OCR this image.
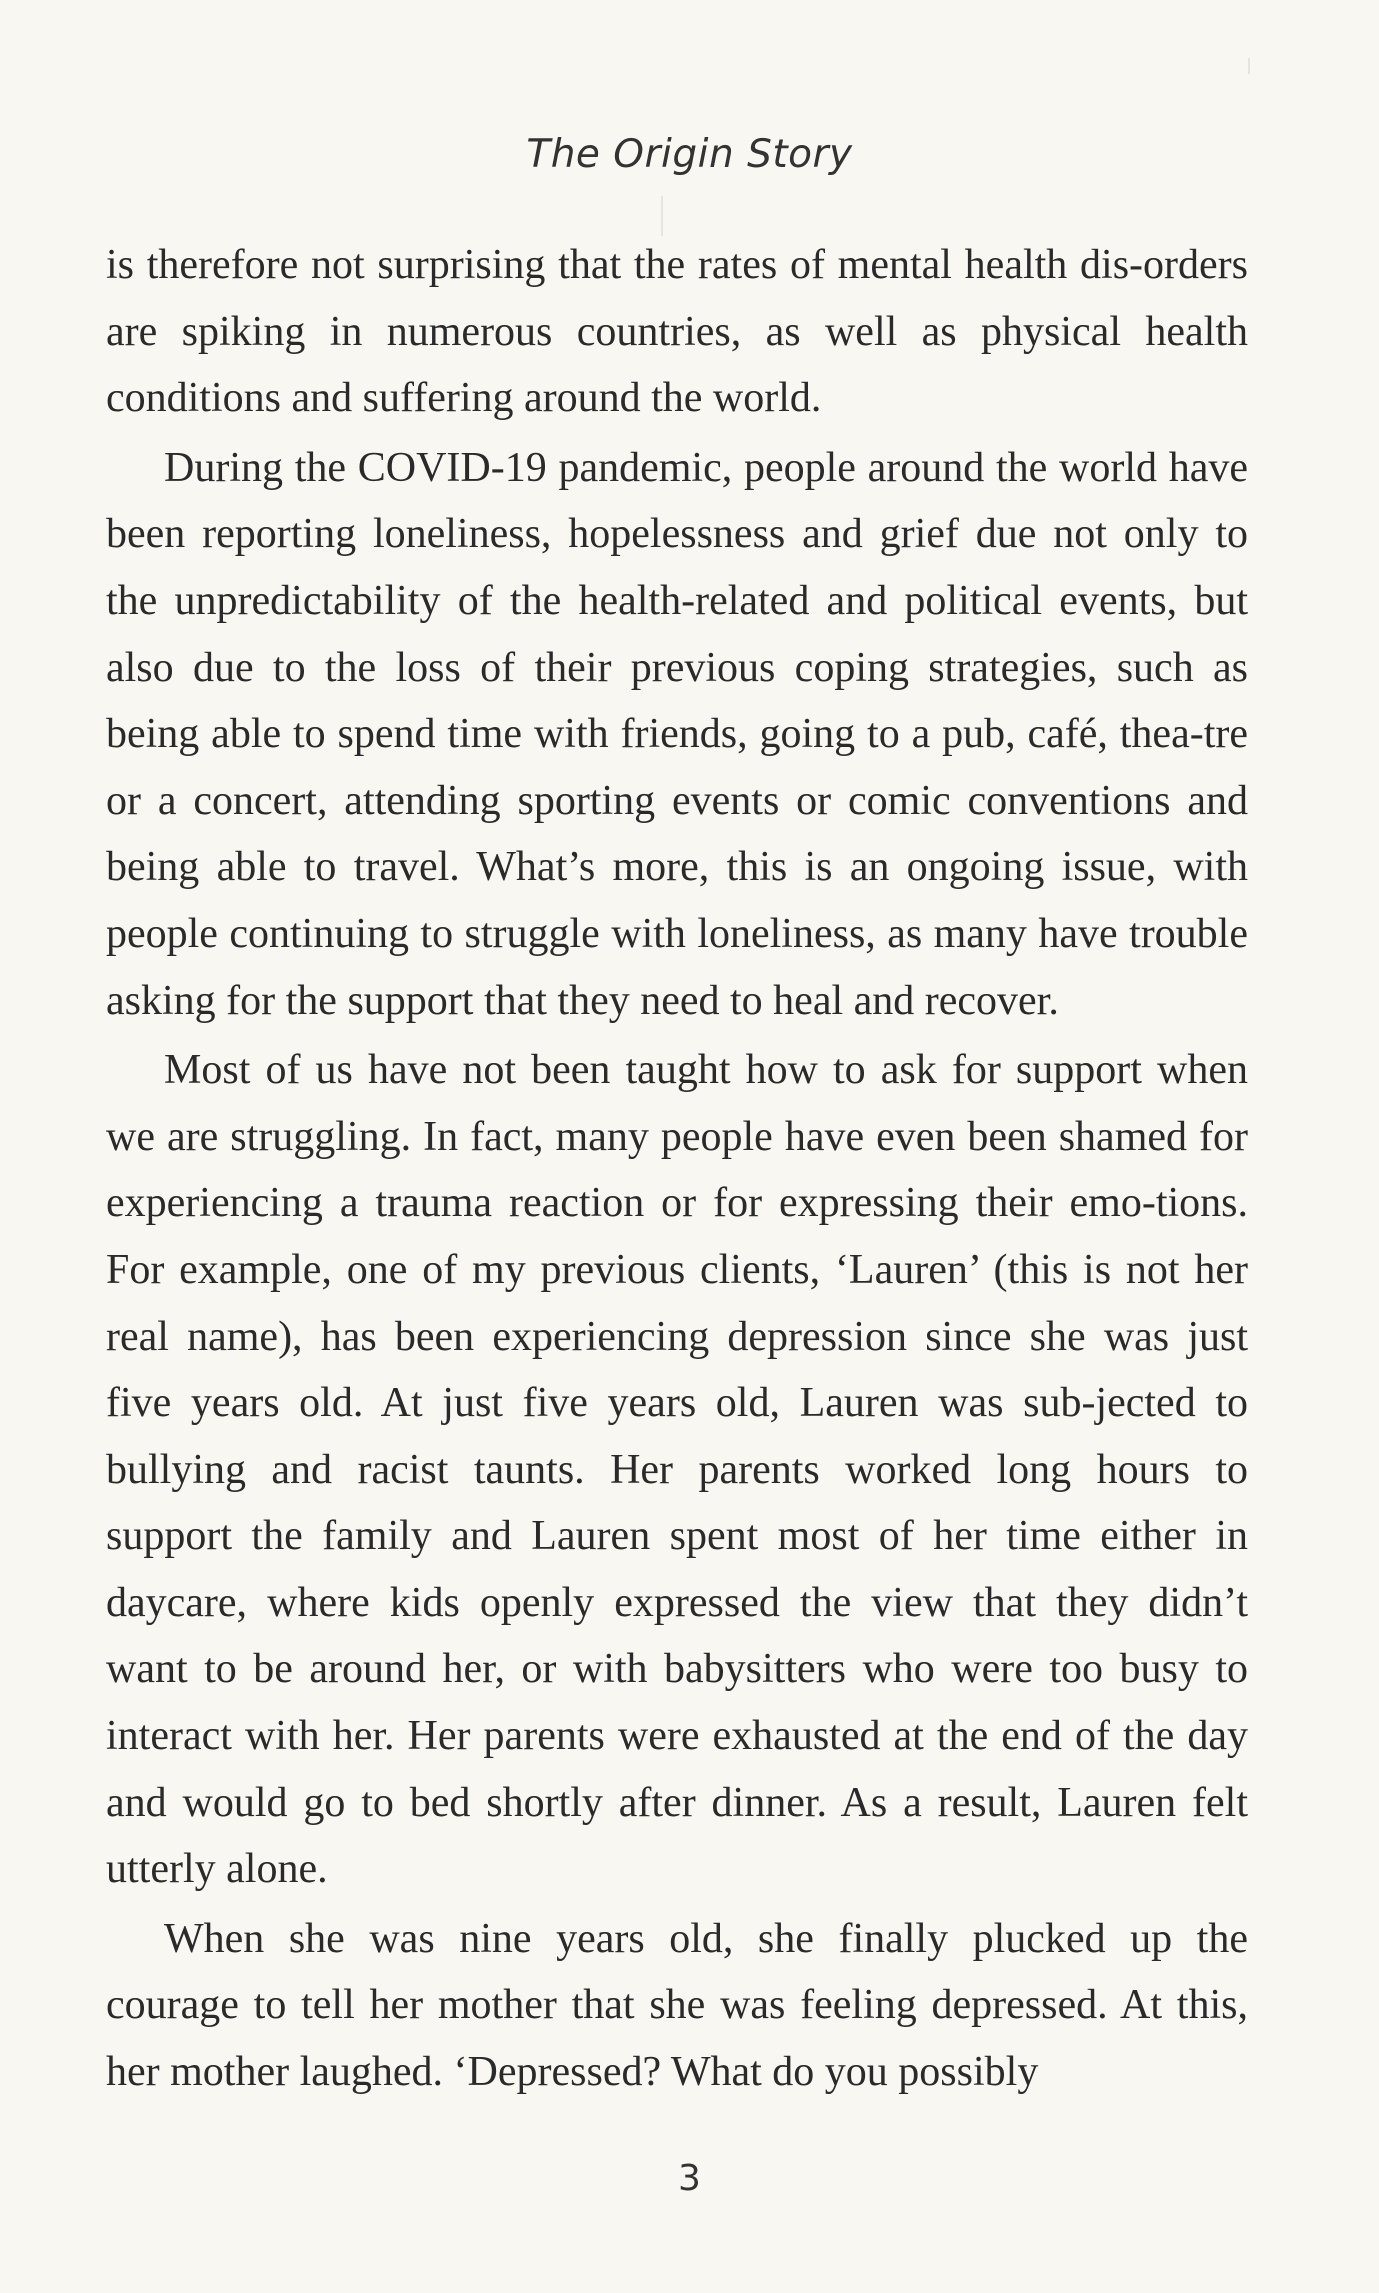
The Origin Story

is therefore not surprising that the rates of mental health dis-orders are spiking in numerous countries, as well as physical health conditions and suffering around the world.

During the COVID-19 pandemic, people around the world have been reporting loneliness, hopelessness and grief due not only to the unpredictability of the health-related and political events, but also due to the loss of their previous coping strategies, such as being able to spend time with friends, going to a pub, café, thea-tre or a concert, attending sporting events or comic conventions and being able to travel. What’s more, this is an ongoing issue, with people continuing to struggle with loneliness, as many have trouble asking for the support that they need to heal and recover.

Most of us have not been taught how to ask for support when we are struggling. In fact, many people have even been shamed for experiencing a trauma reaction or for expressing their emo-tions. For example, one of my previous clients, ‘Lauren’ (this is not her real name), has been experiencing depression since she was just five years old. At just five years old, Lauren was sub-jected to bullying and racist taunts. Her parents worked long hours to support the family and Lauren spent most of her time either in daycare, where kids openly expressed the view that they didn’t want to be around her, or with babysitters who were too busy to interact with her. Her parents were exhausted at the end of the day and would go to bed shortly after dinner. As a result, Lauren felt utterly alone.

When she was nine years old, she finally plucked up the courage to tell her mother that she was feeling depressed. At this, her mother laughed. ‘Depressed? What do you possibly

3
